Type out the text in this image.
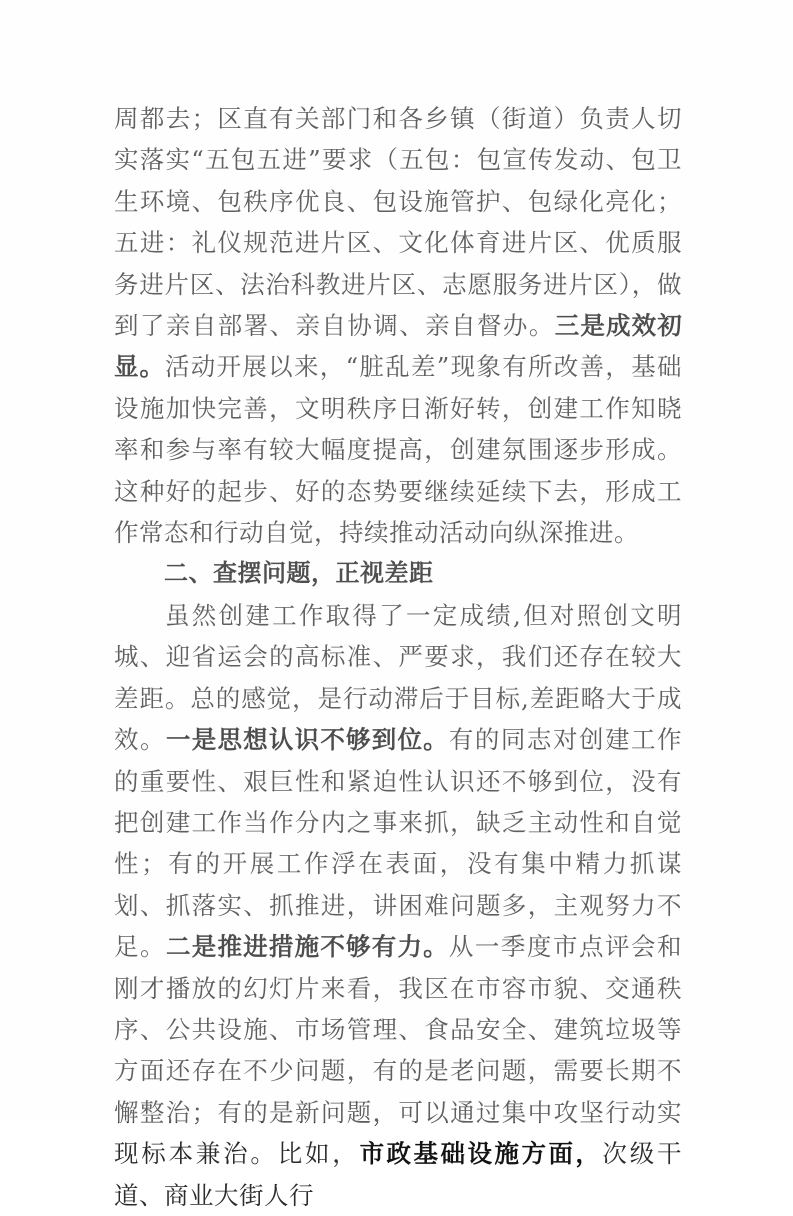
周都去；区直有关部门和各乡镇（街道）负责人切实落实“五包五进”要求（五包：包宣传发动、包卫生环境、包秩序优良、包设施管护、包绿化亮化；五进：礼仪规范进片区、文化体育进片区、优质服务进片区、法治科教进片区、志愿服务进片区），做到了亲自部署、亲自协调、亲自督办。三是成效初显。活动开展以来，“脏乱差”现象有所改善，基础设施加快完善，文明秩序日渐好转，创建工作知晓率和参与率有较大幅度提高，创建氛围逐步形成。这种好的起步、好的态势要继续延续下去，形成工作常态和行动自觉，持续推动活动向纵深推进。

二、查摆问题，正视差距

虽然创建工作取得了一定成绩,但对照创文明城、迎省运会的高标准、严要求，我们还存在较大差距。总的感觉，是行动滞后于目标,差距略大于成效。一是思想认识不够到位。有的同志对创建工作的重要性、艰巨性和紧迫性认识还不够到位，没有把创建工作当作分内之事来抓，缺乏主动性和自觉性；有的开展工作浮在表面，没有集中精力抓谋划、抓落实、抓推进，讲困难问题多，主观努力不足。二是推进措施不够有力。从一季度市点评会和刚才播放的幻灯片来看，我区在市容市貌、交通秩序、公共设施、市场管理、食品安全、建筑垃圾等方面还存在不少问题，有的是老问题，需要长期不懈整治；有的是新问题，可以通过集中攻坚行动实现标本兼治。比如，市政基础设施方面，次级干道、商业大街人行
